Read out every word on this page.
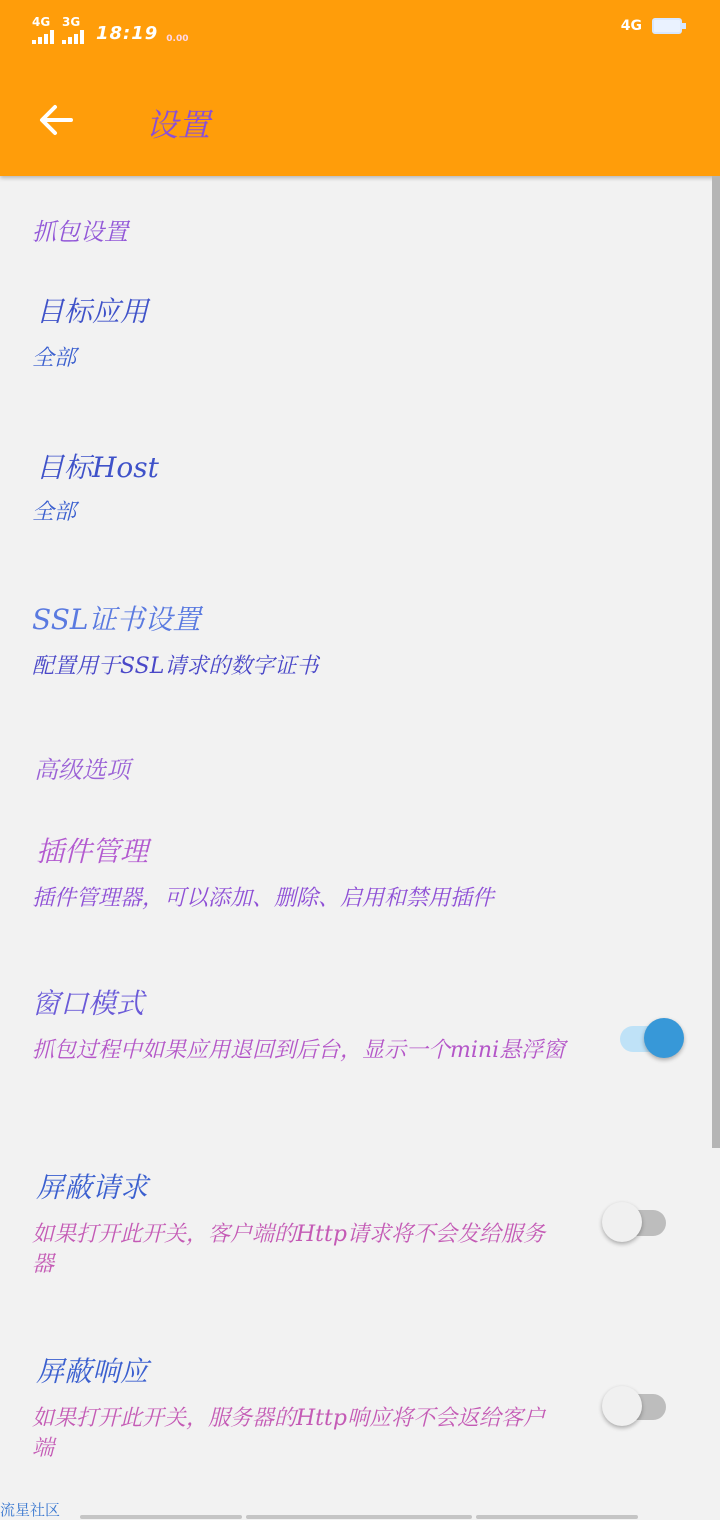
4G 3G
18:19 0.00
4G
设置
抓包设置
目标应用
全部
目标Host
全部
SSL证书设置
配置用于SSL请求的数字证书
高级选项
插件管理
插件管理器，可以添加、删除、启用和禁用插件
窗口模式
抓包过程中如果应用退回到后台，显示一个mini悬浮窗
屏蔽请求
如果打开此开关，客户端的Http请求将不会发给服务器
屏蔽响应
如果打开此开关，服务器的Http响应将不会返给客户端
流星社区
